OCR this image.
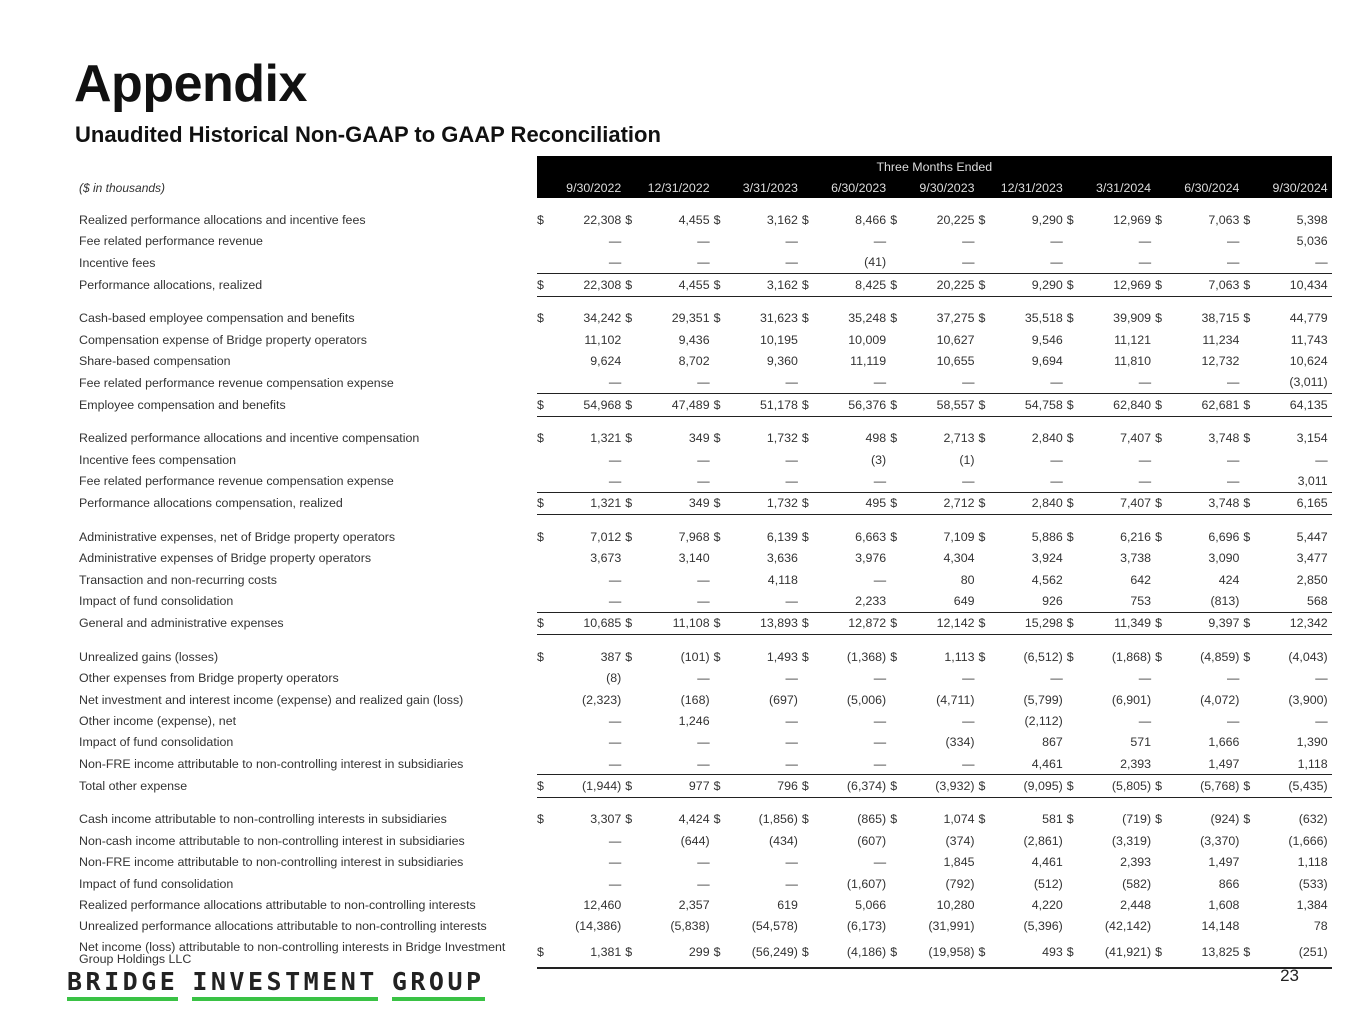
Appendix
Unaudited Historical Non-GAAP to GAAP Reconciliation
	Three Months Ended																	
($ in thousands)	9/30/2022		12/31/2022		3/31/2023		6/30/2023		9/30/2023		12/31/2023		3/31/2024		6/30/2024		9/30/2024	

Realized performance allocations and incentive fees	$	22,308	$	4,455	$	3,162	$	8,466	$	20,225	$	9,290	$	12,969	$	7,063	$	5,398
Fee related performance revenue		—		—		—		—		—		—		—		—		5,036
Incentive fees		—		—		—		(41)		—		—		—		—		—
Performance allocations, realized	$	22,308	$	4,455	$	3,162	$	8,425	$	20,225	$	9,290	$	12,969	$	7,063	$	10,434

Cash-based employee compensation and benefits	$	34,242	$	29,351	$	31,623	$	35,248	$	37,275	$	35,518	$	39,909	$	38,715	$	44,779
Compensation expense of Bridge property operators		11,102		9,436		10,195		10,009		10,627		9,546		11,121		11,234		11,743
Share-based compensation		9,624		8,702		9,360		11,119		10,655		9,694		11,810		12,732		10,624
Fee related performance revenue compensation expense		—		—		—		—		—		—		—		—		(3,011)
Employee compensation and benefits	$	54,968	$	47,489	$	51,178	$	56,376	$	58,557	$	54,758	$	62,840	$	62,681	$	64,135

Realized performance allocations and incentive compensation	$	1,321	$	349	$	1,732	$	498	$	2,713	$	2,840	$	7,407	$	3,748	$	3,154
Incentive fees compensation		—		—		—		(3)		(1)		—		—		—		—
Fee related performance revenue compensation expense		—		—		—		—		—		—		—		—		3,011
Performance allocations compensation, realized	$	1,321	$	349	$	1,732	$	495	$	2,712	$	2,840	$	7,407	$	3,748	$	6,165

Administrative expenses, net of Bridge property operators	$	7,012	$	7,968	$	6,139	$	6,663	$	7,109	$	5,886	$	6,216	$	6,696	$	5,447
Administrative expenses of Bridge property operators		3,673		3,140		3,636		3,976		4,304		3,924		3,738		3,090		3,477
Transaction and non-recurring costs		—		—		4,118		—		80		4,562		642		424		2,850
Impact of fund consolidation		—		—		—		2,233		649		926		753		(813)		568
General and administrative expenses	$	10,685	$	11,108	$	13,893	$	12,872	$	12,142	$	15,298	$	11,349	$	9,397	$	12,342

Unrealized gains (losses)	$	387	$	(101)	$	1,493	$	(1,368)	$	1,113	$	(6,512)	$	(1,868)	$	(4,859)	$	(4,043)
Other expenses from Bridge property operators		(8)		—		—		—		—		—		—		—		—
Net investment and interest income (expense) and realized gain (loss)		(2,323)		(168)		(697)		(5,006)		(4,711)		(5,799)		(6,901)		(4,072)		(3,900)
Other income (expense), net		—		1,246		—		—		—		(2,112)		—		—		—
Impact of fund consolidation		—		—		—		—		(334)		867		571		1,666		1,390
Non-FRE income attributable to non-controlling interest in subsidiaries		—		—		—		—		—		4,461		2,393		1,497		1,118
Total other expense	$	(1,944)	$	977	$	796	$	(6,374)	$	(3,932)	$	(9,095)	$	(5,805)	$	(5,768)	$	(5,435)

Cash income attributable to non-controlling interests in subsidiaries	$	3,307	$	4,424	$	(1,856)	$	(865)	$	1,074	$	581	$	(719)	$	(924)	$	(632)
Non-cash income attributable to non-controlling interest in subsidiaries		—		(644)		(434)		(607)		(374)		(2,861)		(3,319)		(3,370)		(1,666)
Non-FRE income attributable to non-controlling interest in subsidiaries		—		—		—		—		1,845		4,461		2,393		1,497		1,118
Impact of fund consolidation		—		—		—		(1,607)		(792)		(512)		(582)		866		(533)
Realized performance allocations attributable to non-controlling interests		12,460		2,357		619		5,066		10,280		4,220		2,448		1,608		1,384
Unrealized performance allocations attributable to non-controlling interests		(14,386)		(5,838)		(54,578)		(6,173)		(31,991)		(5,396)		(42,142)		14,148		78
Net income (loss) attributable to non-controlling interests in Bridge Investment Group Holdings LLC	$	1,381	$	299	$	(56,249)	$	(4,186)	$	(19,958)	$	493	$	(41,921)	$	13,825	$	(251)
BRIDGE INVESTMENT GROUP	23
